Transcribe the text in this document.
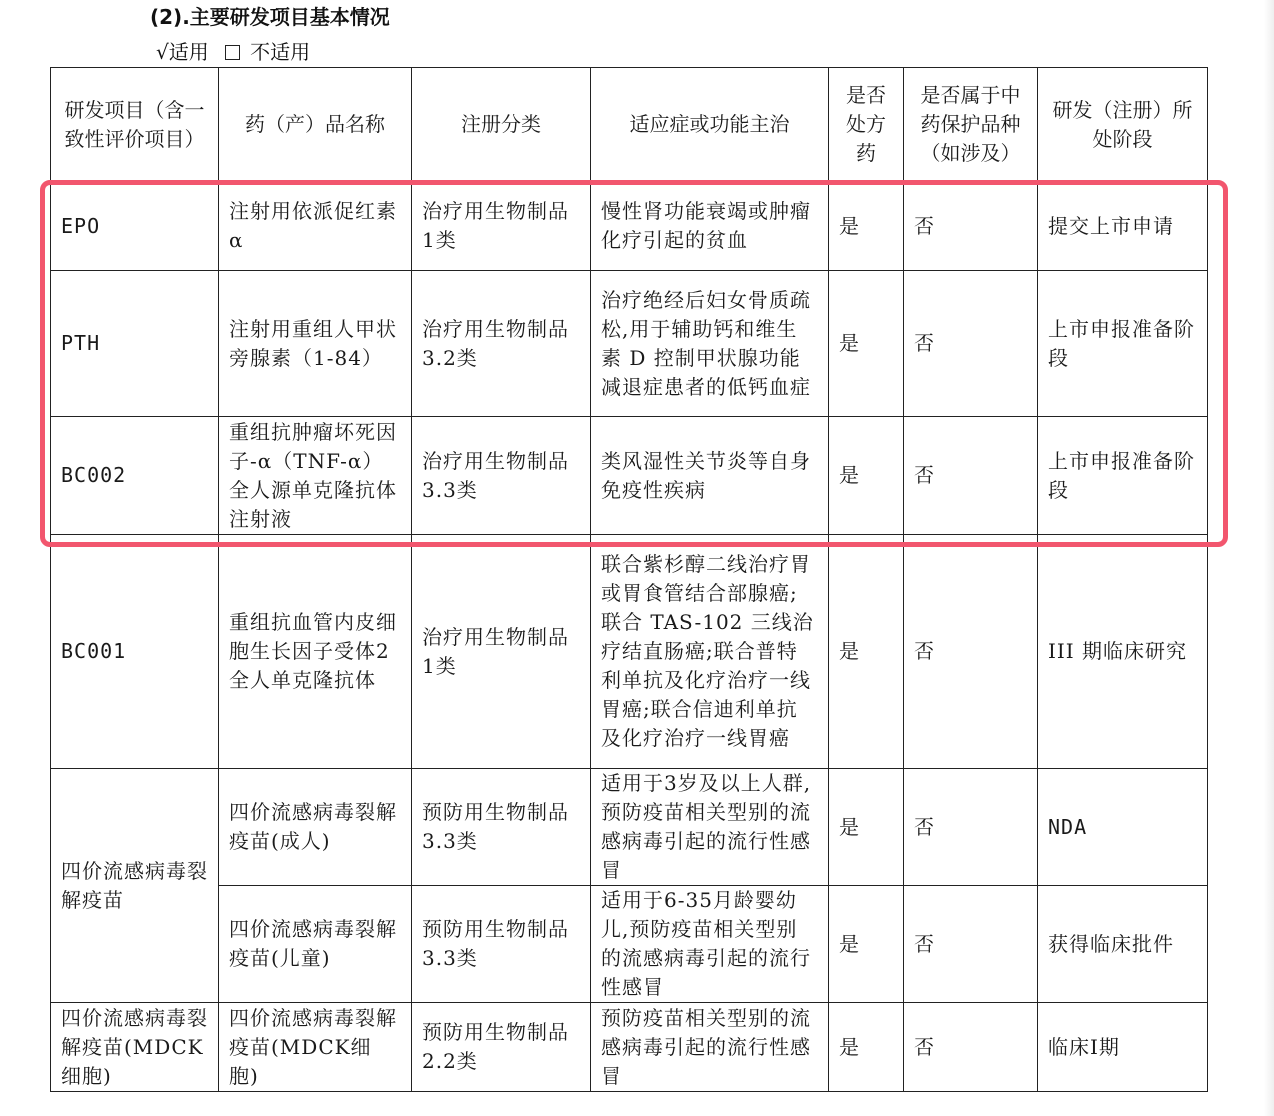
(2).主要研发项目基本情况
√适用 不适用
研发项目（含一致性评价项目）	药（产）品名称	注册分类	适应症或功能主治	是否处方药	是否属于中药保护品种（如涉及）	研发（注册）所处阶段
EPO	注射用依派促红素α	治疗用生物制品1类	慢性肾功能衰竭或肿瘤化疗引起的贫血	是	否	提交上市申请
PTH	注射用重组人甲状旁腺素（1-84）	治疗用生物制品3.2类	治疗绝经后妇女骨质疏松,用于辅助钙和维生素 D 控制甲状腺功能减退症患者的低钙血症	是	否	上市申报准备阶段
BC002	重组抗肿瘤坏死因子-α（TNF-α）全人源单克隆抗体注射液	治疗用生物制品3.3类	类风湿性关节炎等自身免疫性疾病	是	否	上市申报准备阶段
BC001	重组抗血管内皮细胞生长因子受体2全人单克隆抗体	治疗用生物制品1类	联合紫杉醇二线治疗胃或胃食管结合部腺癌;联合 TAS-102 三线治疗结直肠癌;联合普特利单抗及化疗治疗一线胃癌;联合信迪利单抗及化疗治疗一线胃癌	是	否	III 期临床研究
四价流感病毒裂解疫苗	四价流感病毒裂解疫苗(成人)	预防用生物制品3.3类	适用于3岁及以上人群,预防疫苗相关型别的流感病毒引起的流行性感冒	是	否	NDA
	四价流感病毒裂解疫苗(儿童)	预防用生物制品3.3类	适用于6-35月龄婴幼儿,预防疫苗相关型别的流感病毒引起的流行性感冒	是	否	获得临床批件
四价流感病毒裂解疫苗(MDCK细胞)	四价流感病毒裂解疫苗(MDCK细胞)	预防用生物制品2.2类	预防疫苗相关型别的流感病毒引起的流行性感冒	是	否	临床Ⅰ期
